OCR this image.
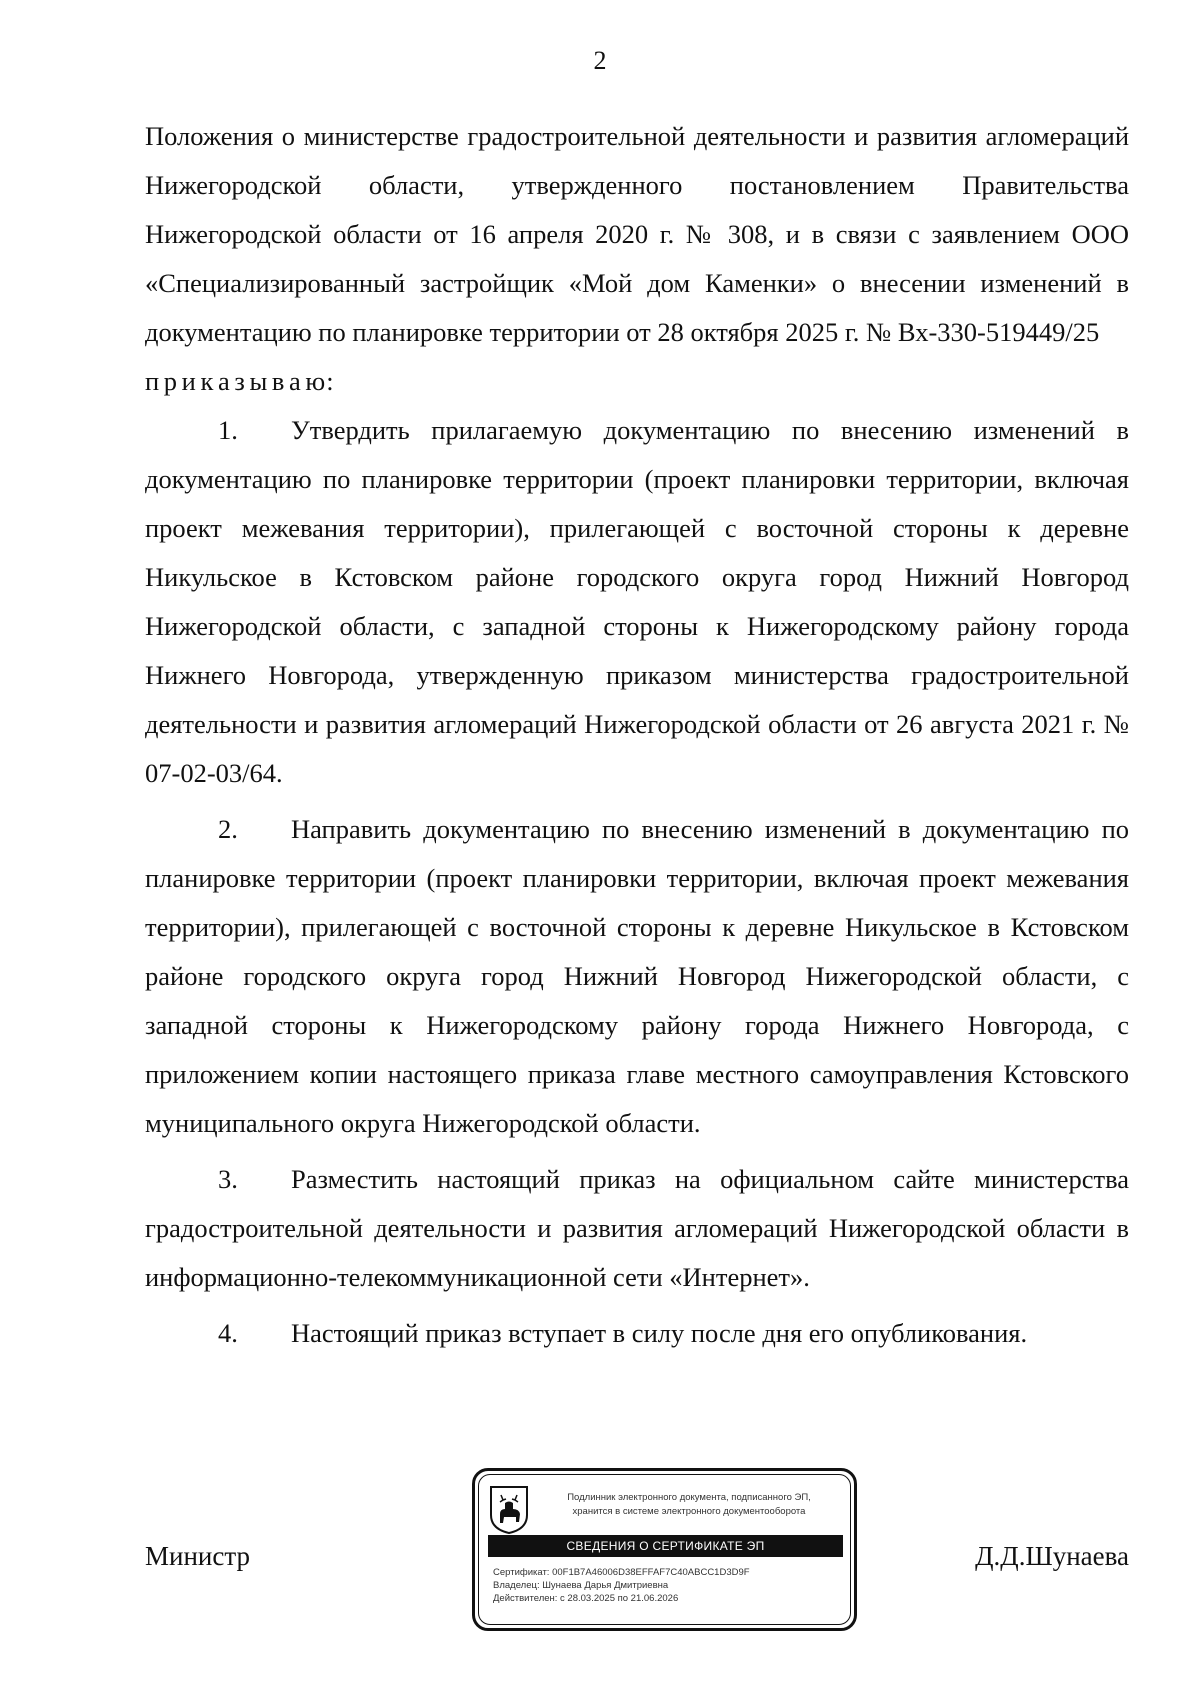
2

Положения о министерстве градостроительной деятельности и развития агломераций Нижегородской области, утвержденного постановлением Правительства Нижегородской области от 16 апреля 2020 г. № 308, и в связи с заявлением ООО «Специализированный застройщик «Мой дом Каменки» о внесении изменений в документацию по планировке территории от 28 октября 2025 г. № Вх-330-519449/25

п р и к а з ы в а ю:

1. Утвердить прилагаемую документацию по внесению изменений в документацию по планировке территории (проект планировки территории, включая проект межевания территории), прилегающей с восточной стороны к деревне Никульское в Кстовском районе городского округа город Нижний Новгород Нижегородской области, с западной стороны к Нижегородскому району города Нижнего Новгорода, утвержденную приказом министерства градостроительной деятельности и развития агломераций Нижегородской области от 26 августа 2021 г. № 07-02-03/64.

2. Направить документацию по внесению изменений в документацию по планировке территории (проект планировки территории, включая проект межевания территории), прилегающей с восточной стороны к деревне Никульское в Кстовском районе городского округа город Нижний Новгород Нижегородской области, с западной стороны к Нижегородскому району города Нижнего Новгорода, с приложением копии настоящего приказа главе местного самоуправления Кстовского муниципального округа Нижегородской области.

3. Разместить настоящий приказ на официальном сайте министерства градостроительной деятельности и развития агломераций Нижегородской области в информационно-телекоммуникационной сети «Интернет».

4. Настоящий приказ вступает в силу после дня его опубликования.

Министр	Д.Д.Шунаева
Подлинник электронного документа, подписанного ЭП,
хранится в системе электронного документооборота
СВЕДЕНИЯ О СЕРТИФИКАТЕ ЭП
Сертификат: 00F1B7A46006D38EFFAF7C40ABCC1D3D9F
Владелец: Шунаева Дарья Дмитриевна
Действителен: с 28.03.2025 по 21.06.2026
